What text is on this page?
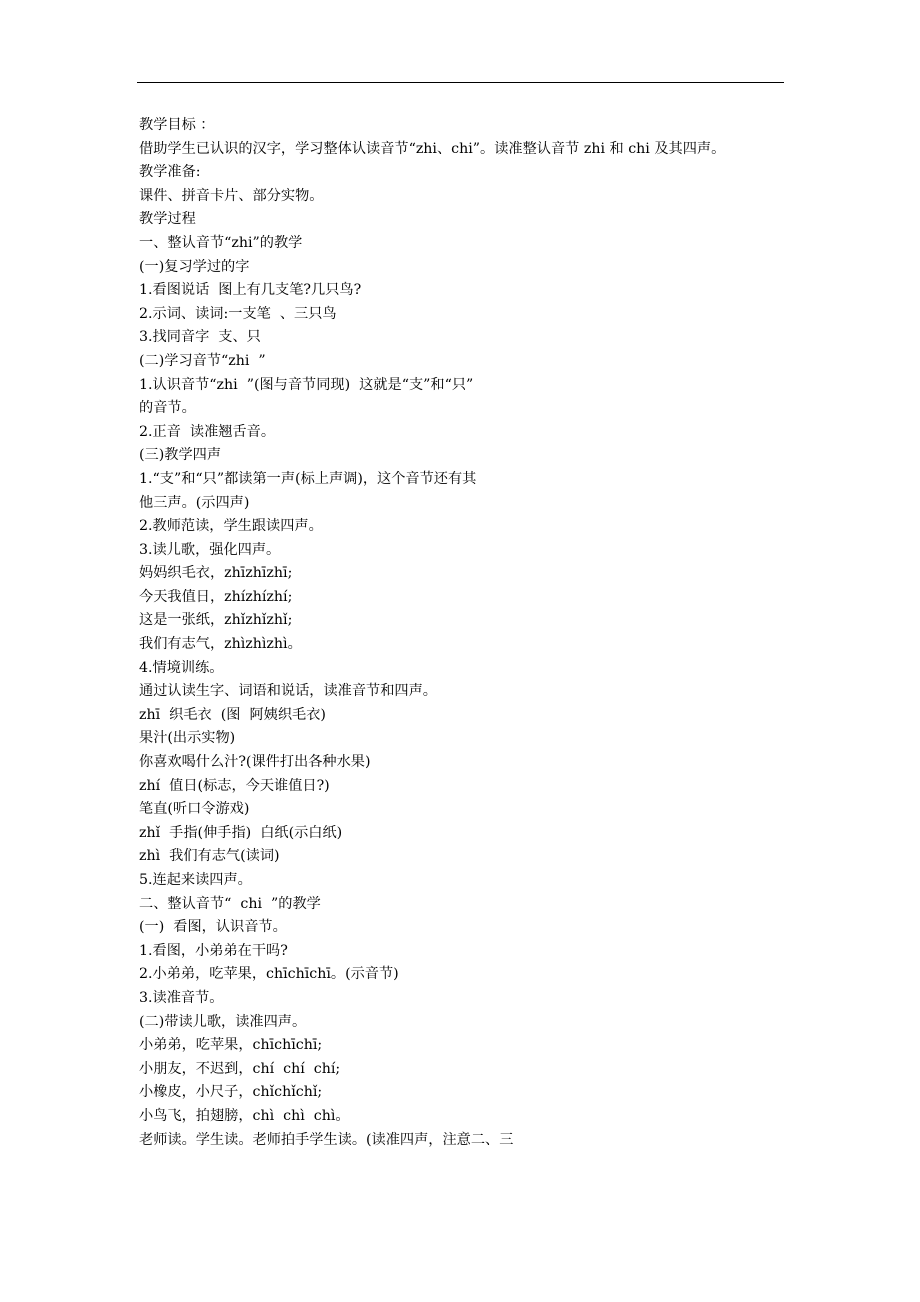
教学目标 ：

借助学生已认识的汉字，学习整体认读音节“zhi、chi”。读准整认音节 zhi 和 chi 及其四声。

教学准备:

课件、拼音卡片、部分实物。

教学过程

一、整认音节“zhi”的教学

(一)复习学过的字

1.看图说话  图上有几支笔?几只鸟?

2.示词、读词:一支笔  、三只鸟

3.找同音字  支、只

(二)学习音节“zhi  ”

1.认识音节“zhi  ”(图与音节同现)  这就是“支”和“只”

的音节。

2.正音  读准翘舌音。

(三)教学四声

1.“支”和“只”都读第一声(标上声调)，这个音节还有其

他三声。(示四声)

2.教师范读，学生跟读四声。

3.读儿歌，强化四声。

妈妈织毛衣，zhīzhīzhī;

今天我值日，zhízhízhí;

这是一张纸，zhǐzhǐzhǐ;

我们有志气，zhìzhìzhì。

4.情境训练。

通过认读生字、词语和说话，读准音节和四声。

zhī  织毛衣  (图  阿姨织毛衣)

果汁(出示实物)

你喜欢喝什么汁?(课件打出各种水果)

zhí  值日(标志，今天谁值日?)

笔直(听口令游戏)

zhǐ  手指(伸手指)  白纸(示白纸)

zhì  我们有志气(读词)

5.连起来读四声。

二、整认音节“  chi  ”的教学

(一)  看图，认识音节。

1.看图，小弟弟在干吗?

2.小弟弟，吃苹果，chīchīchī。(示音节)

3.读准音节。

(二)带读儿歌，读准四声。

小弟弟，吃苹果，chīchīchī;

小朋友，不迟到，chí  chí  chí;

小橡皮，小尺子，chǐchǐchǐ;

小鸟飞，拍翅膀，chì  chì  chì。

老师读。学生读。老师拍手学生读。(读准四声，注意二、三
